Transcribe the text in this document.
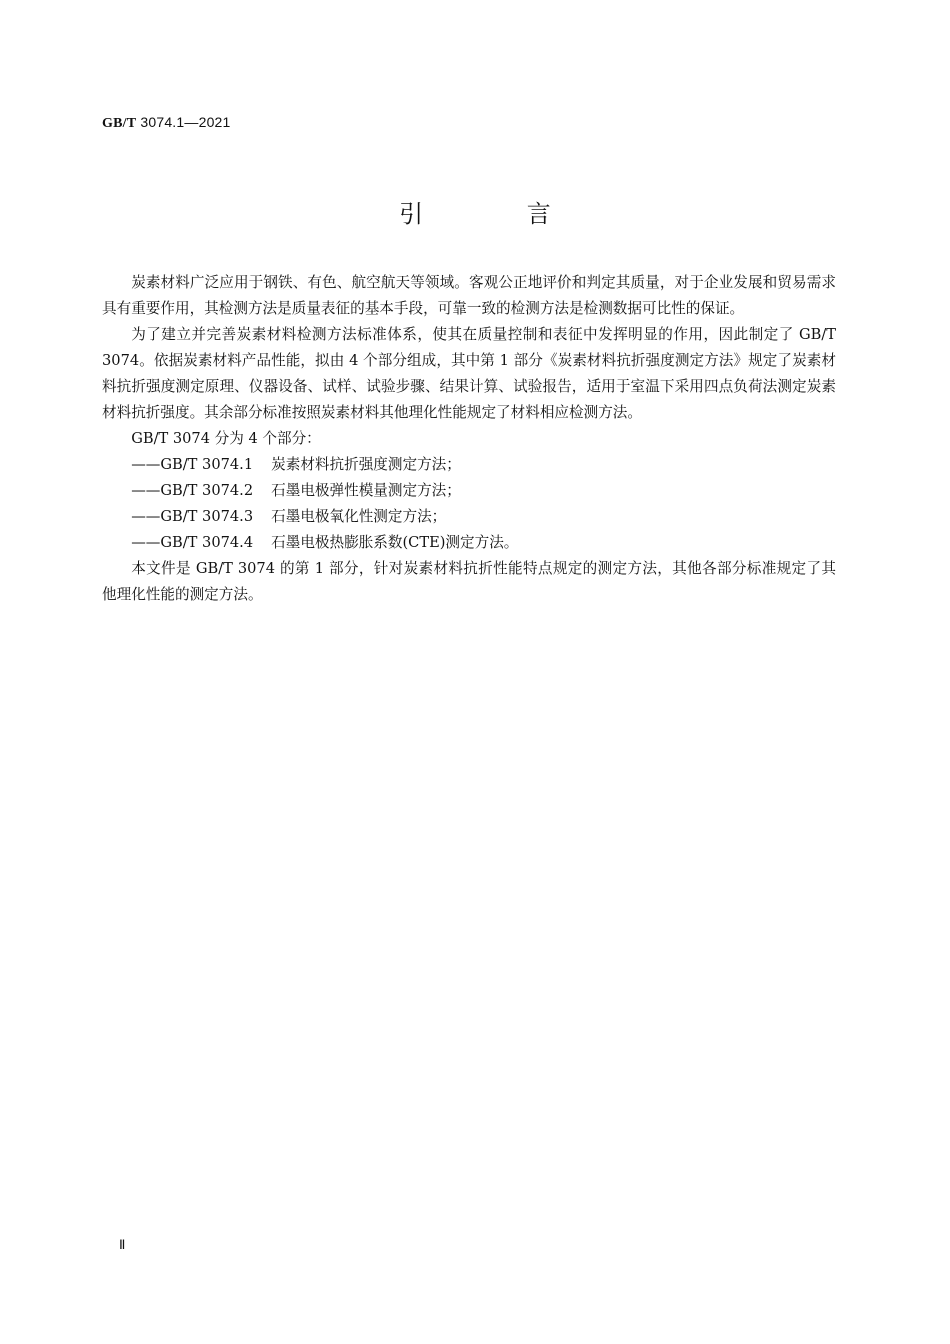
GB/T 3074.1—2021
引 言

炭素材料广泛应用于钢铁、有色、航空航天等领域。客观公正地评价和判定其质量，对于企业发展和贸易需求具有重要作用，其检测方法是质量表征的基本手段，可靠一致的检测方法是检测数据可比性的保证。

为了建立并完善炭素材料检测方法标准体系，使其在质量控制和表征中发挥明显的作用，因此制定了 GB/T 3074。依据炭素材料产品性能，拟由 4 个部分组成，其中第 1 部分《炭素材料抗折强度测定方法》规定了炭素材料抗折强度测定原理、仪器设备、试样、试验步骤、结果计算、试验报告，适用于室温下采用四点负荷法测定炭素材料抗折强度。其余部分标准按照炭素材料其他理化性能规定了材料相应检测方法。

GB/T 3074 分为 4 个部分：

——GB/T 3074.1 炭素材料抗折强度测定方法；

——GB/T 3074.2 石墨电极弹性模量测定方法；

——GB/T 3074.3 石墨电极氧化性测定方法；

——GB/T 3074.4 石墨电极热膨胀系数(CTE)测定方法。

本文件是 GB/T 3074 的第 1 部分，针对炭素材料抗折性能特点规定的测定方法，其他各部分标准规定了其他理化性能的测定方法。

Ⅱ
